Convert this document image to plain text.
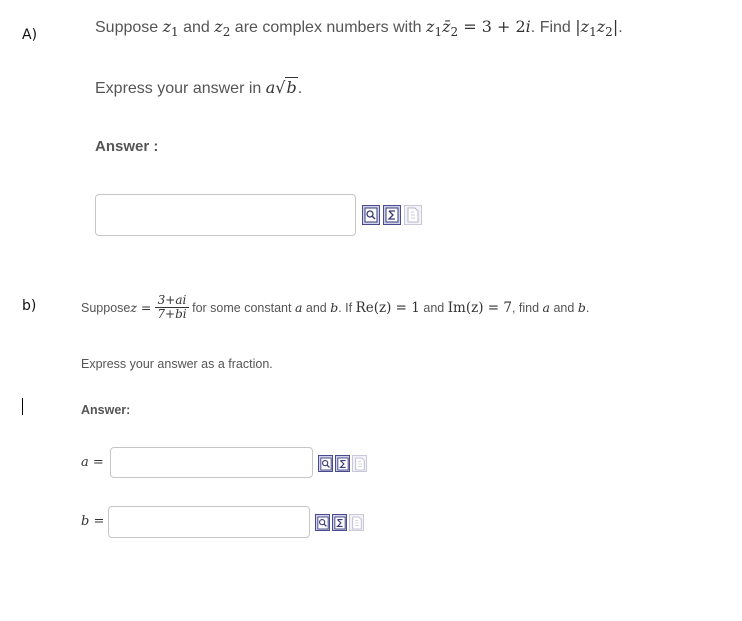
A)	Suppose $z_1$ and $z_2$ are complex numbers with $z_1z̄_2 = 3 + 2i$. Find $|z_1z_2|$.
Express your answer in a√b.
Answer :
b)	Suppose $z = \frac{3+ai}{7+bi}$ for some constant a and b . If Re(z) = 1 and Im(z) = 7 , find a and b .
Express your answer as a fraction.
Answer:
a =
b =
